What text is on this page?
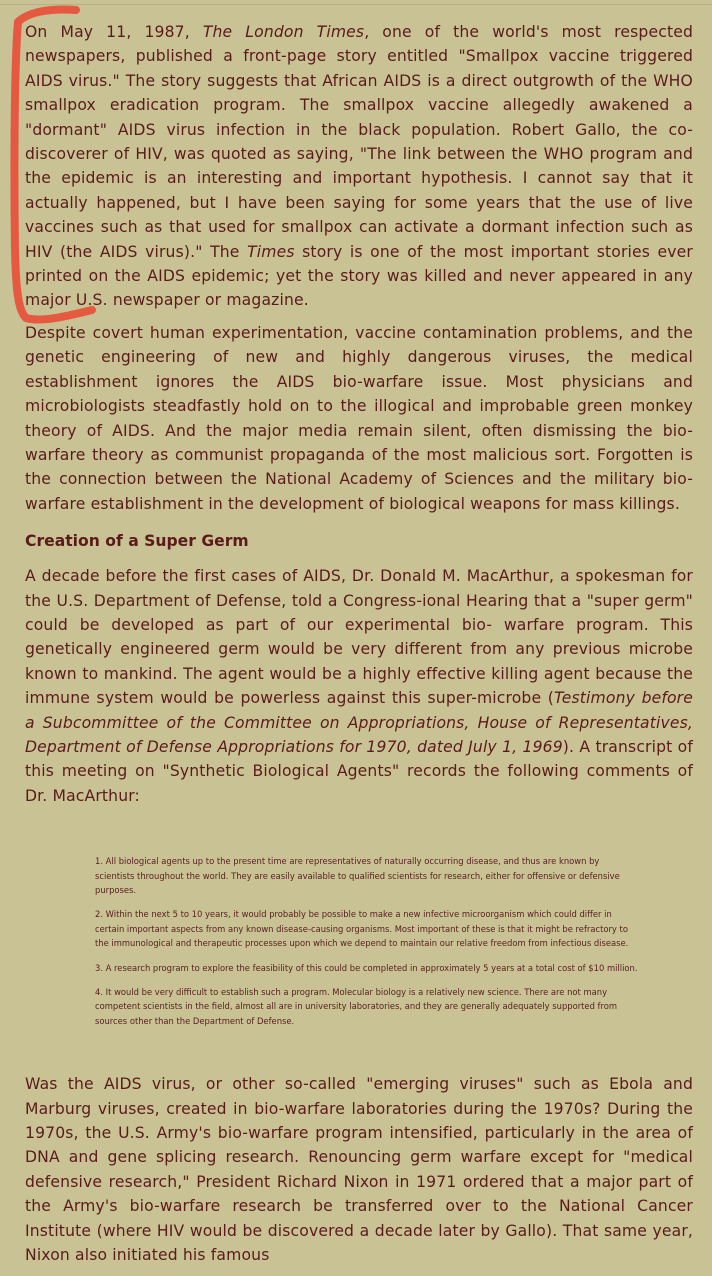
On May 11, 1987, The London Times, one of the world's most respected newspapers, published a front-page story entitled "Smallpox vaccine triggered AIDS virus." The story suggests that African AIDS is a direct outgrowth of the WHO smallpox eradication program. The smallpox vaccine allegedly awakened a "dormant" AIDS virus infection in the black population. Robert Gallo, the co-discoverer of HIV, was quoted as saying, "The link between the WHO program and the epidemic is an interesting and important hypothesis. I cannot say that it actually happened, but I have been saying for some years that the use of live vaccines such as that used for smallpox can activate a dormant infection such as HIV (the AIDS virus)." The Times story is one of the most important stories ever printed on the AIDS epidemic; yet the story was killed and never appeared in any major U.S. newspaper or magazine.

Despite covert human experimentation, vaccine contamination problems, and the genetic engineering of new and highly dangerous viruses, the medical establishment ignores the AIDS bio-warfare issue. Most physicians and microbiologists steadfastly hold on to the illogical and improbable green monkey theory of AIDS. And the major media remain silent, often dismissing the bio-warfare theory as communist propaganda of the most malicious sort. Forgotten is the connection between the National Academy of Sciences and the military bio-warfare establishment in the development of biological weapons for mass killings.

Creation of a Super Germ

A decade before the first cases of AIDS, Dr. Donald M. MacArthur, a spokesman for the U.S. Department of Defense, told a Congress-ional Hearing that a "super germ" could be developed as part of our experimental bio- warfare program. This genetically engineered germ would be very different from any previous microbe known to mankind. The agent would be a highly effective killing agent because the immune system would be powerless against this super-microbe (Testimony before a Subcommittee of the Committee on Appropriations, House of Representatives, Department of Defense Appropriations for 1970, dated July 1, 1969). A transcript of this meeting on "Synthetic Biological Agents" records the following comments of Dr. MacArthur:

1. All biological agents up to the present time are representatives of naturally occurring disease, and thus are known by scientists throughout the world. They are easily available to qualified scientists for research, either for offensive or defensive purposes.

2. Within the next 5 to 10 years, it would probably be possible to make a new infective microorganism which could differ in certain important aspects from any known disease-causing organisms. Most important of these is that it might be refractory to the immunological and therapeutic processes upon which we depend to maintain our relative freedom from infectious disease.

3. A research program to explore the feasibility of this could be completed in approximately 5 years at a total cost of $10 million.

4. It would be very difficult to establish such a program. Molecular biology is a relatively new science. There are not many competent scientists in the field, almost all are in university laboratories, and they are generally adequately supported from sources other than the Department of Defense.

Was the AIDS virus, or other so-called "emerging viruses" such as Ebola and Marburg viruses, created in bio-warfare laboratories during the 1970s? During the 1970s, the U.S. Army's bio-warfare program intensified, particularly in the area of DNA and gene splicing research. Renouncing germ warfare except for "medical defensive research," President Richard Nixon in 1971 ordered that a major part of the Army's bio-warfare research be transferred over to the National Cancer Institute (where HIV would be discovered a decade later by Gallo). That same year, Nixon also initiated his famous
